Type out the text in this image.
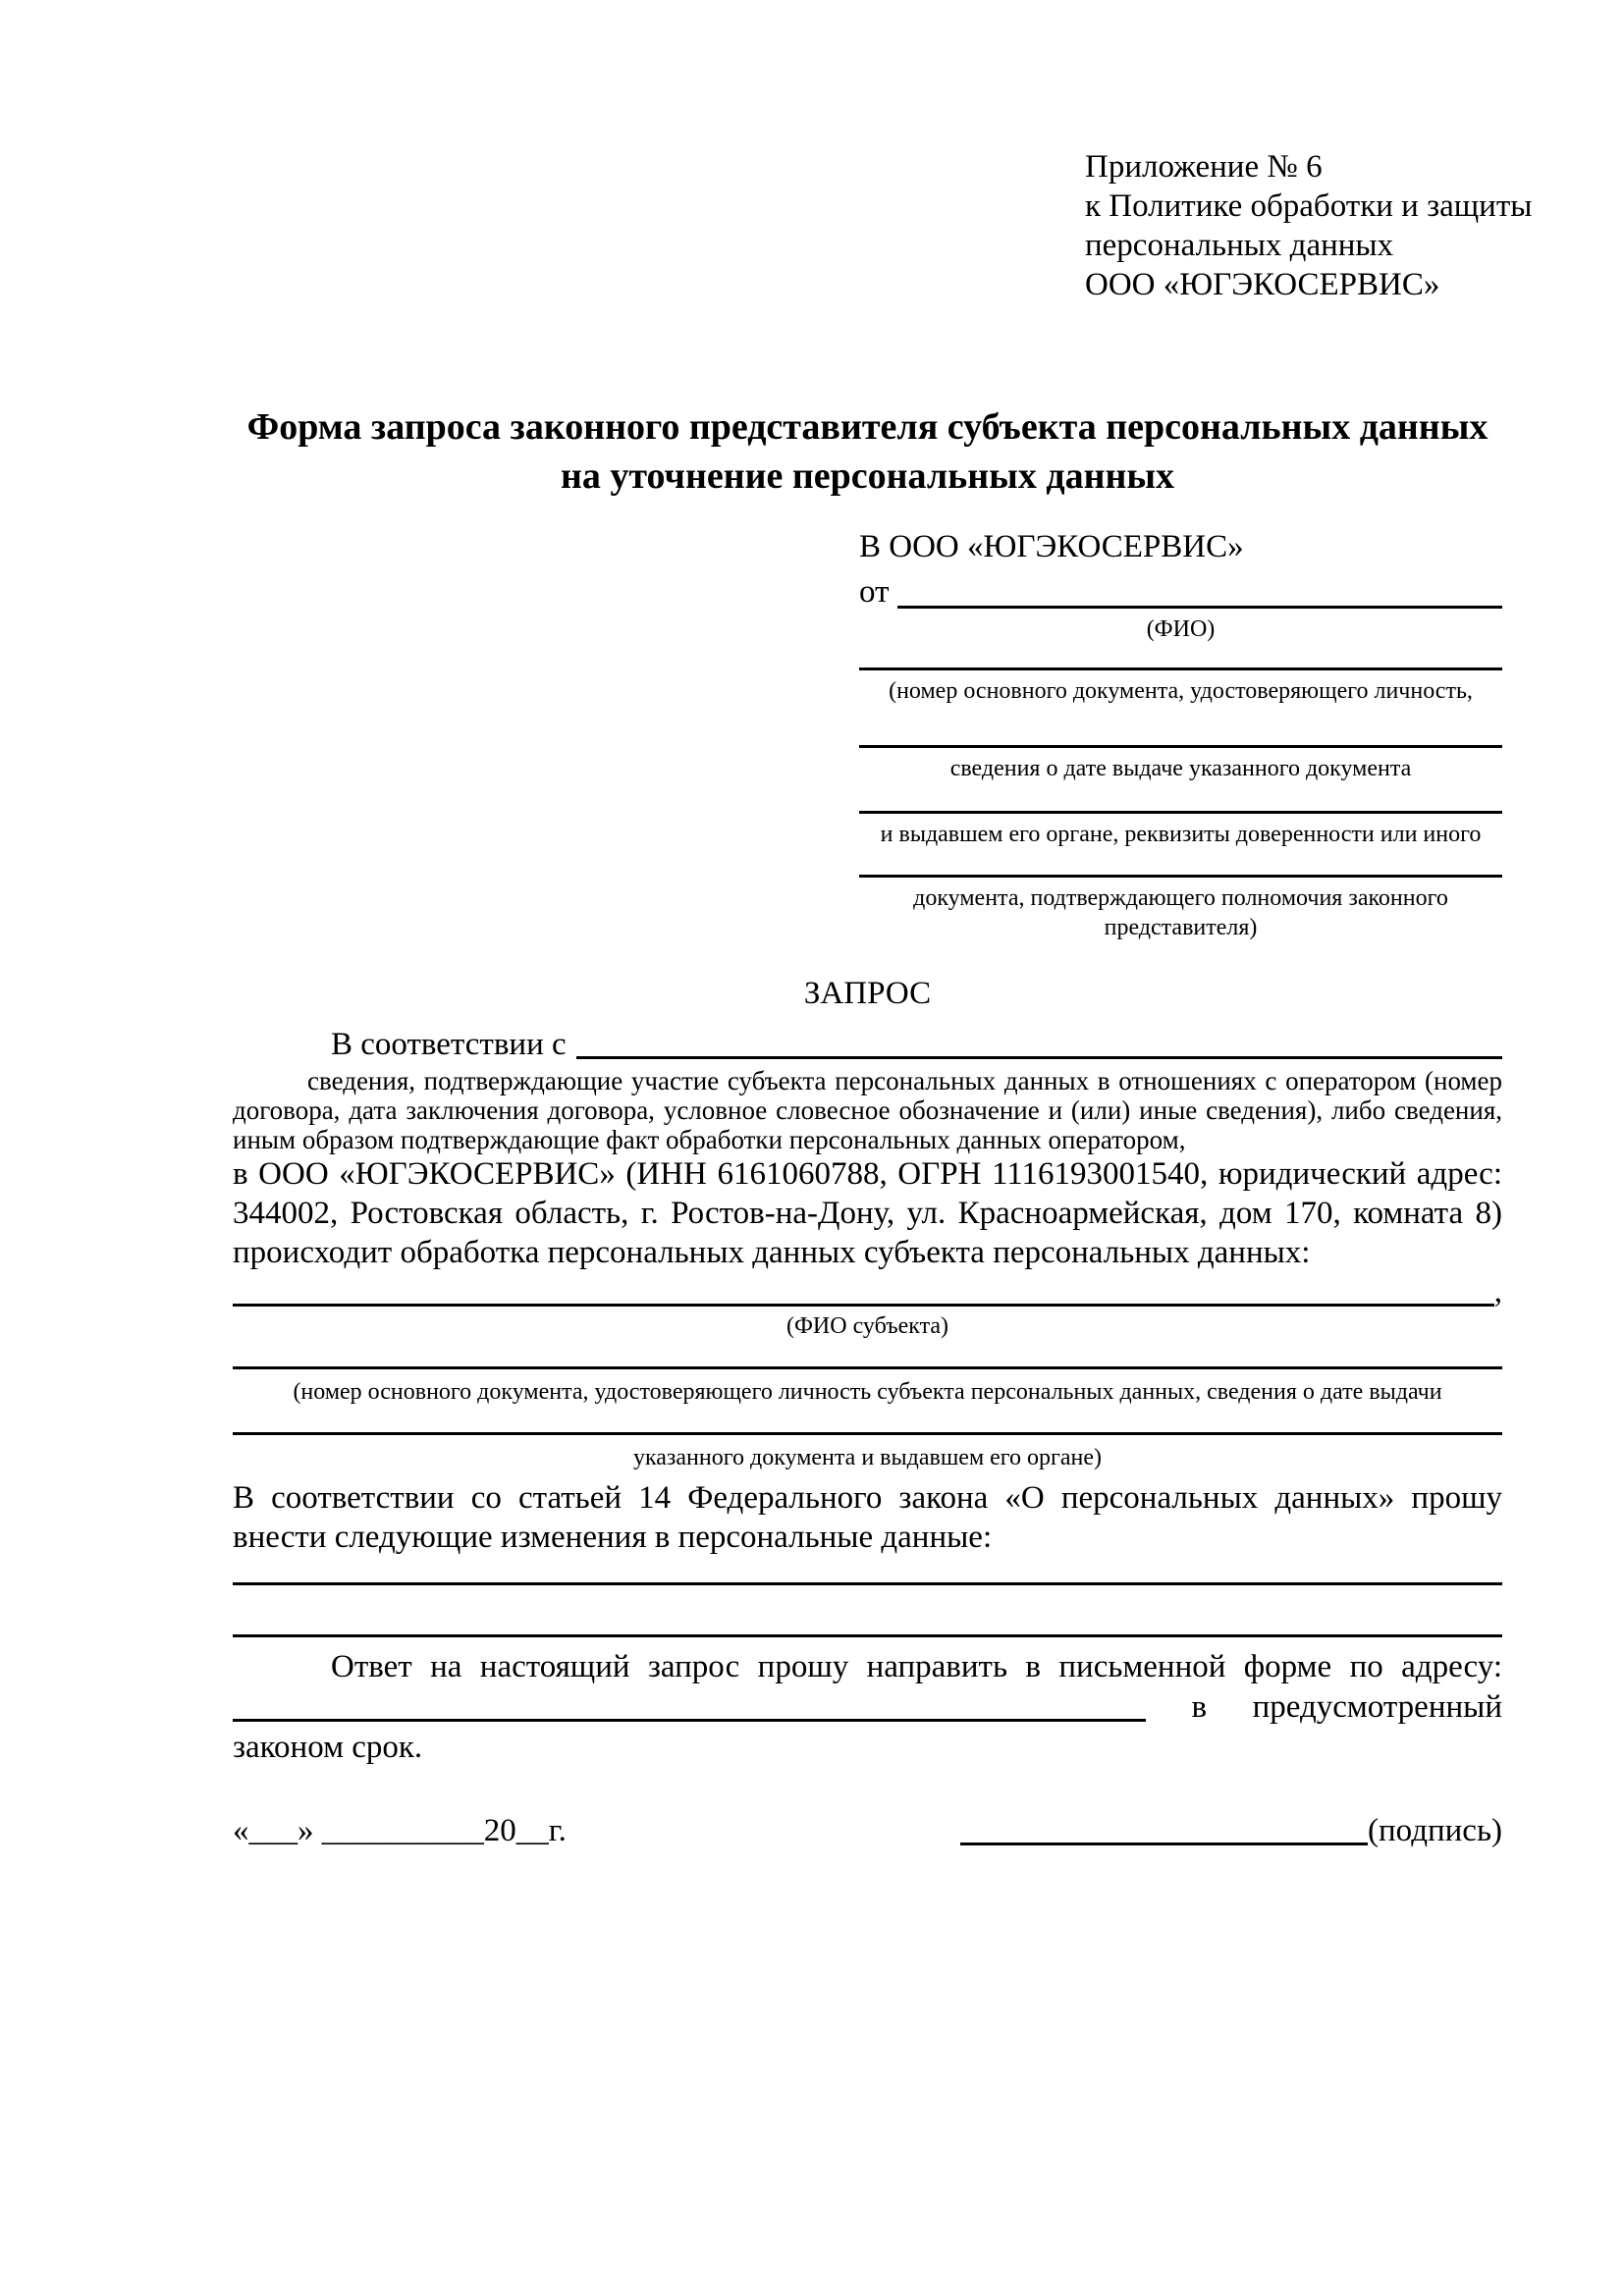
Приложение № 6
к Политике обработки и защиты
персональных данных
ООО «ЮГЭКОСЕРВИС»
Форма запроса законного представителя субъекта персональных данных
на уточнение персональных данных
В ООО «ЮГЭКОСЕРВИС»
от
(ФИО)
(номер основного документа, удостоверяющего личность,
сведения о дате выдаче указанного документа
и выдавшем его органе, реквизиты доверенности или иного
документа, подтверждающего полномочия законного представителя)
ЗАПРОС
В соответствии с
сведения, подтверждающие участие субъекта персональных данных в отношениях с оператором (номер договора, дата заключения договора, условное словесное обозначение и (или) иные сведения), либо сведения, иным образом подтверждающие факт обработки персональных данных оператором,
в ООО «ЮГЭКОСЕРВИС» (ИНН 6161060788, ОГРН 1116193001540, юридический адрес:
344002, Ростовская область, г. Ростов-на-Дону, ул. Красноармейская, дом 170, комната 8)
происходит обработка персональных данных субъекта персональных данных:
,
(ФИО субъекта)
(номер основного документа, удостоверяющего личность субъекта персональных данных, сведения о дате выдачи
указанного документа и выдавшем его органе)
В соответствии со статьей 14 Федерального закона «О персональных данных» прошу
внести следующие изменения в персональные данные:
Ответ на настоящий запрос прошу направить в письменной форме по адресу:
в предусмотренный
законом срок.
«___» __________20__г.	(подпись)
